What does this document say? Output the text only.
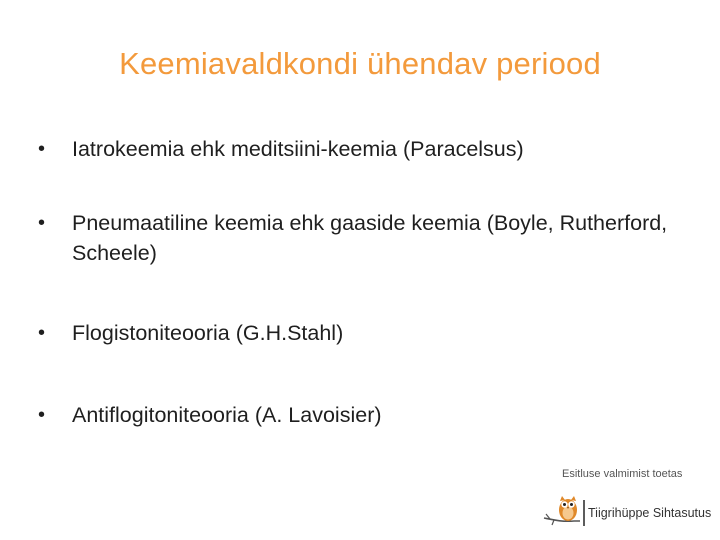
Keemiavaldkondi ühendav periood
•	Iatrokeemia ehk meditsiini-keemia (Paracelsus)
•	Pneumaatiline keemia ehk gaaside keemia (Boyle, Rutherford, Scheele)
•	Flogistoniteooria (G.H.Stahl)
•	Antiflogitoniteooria (A. Lavoisier)
Esitluse valmimist toetas
Tiigrihüppe Sihtasutus
